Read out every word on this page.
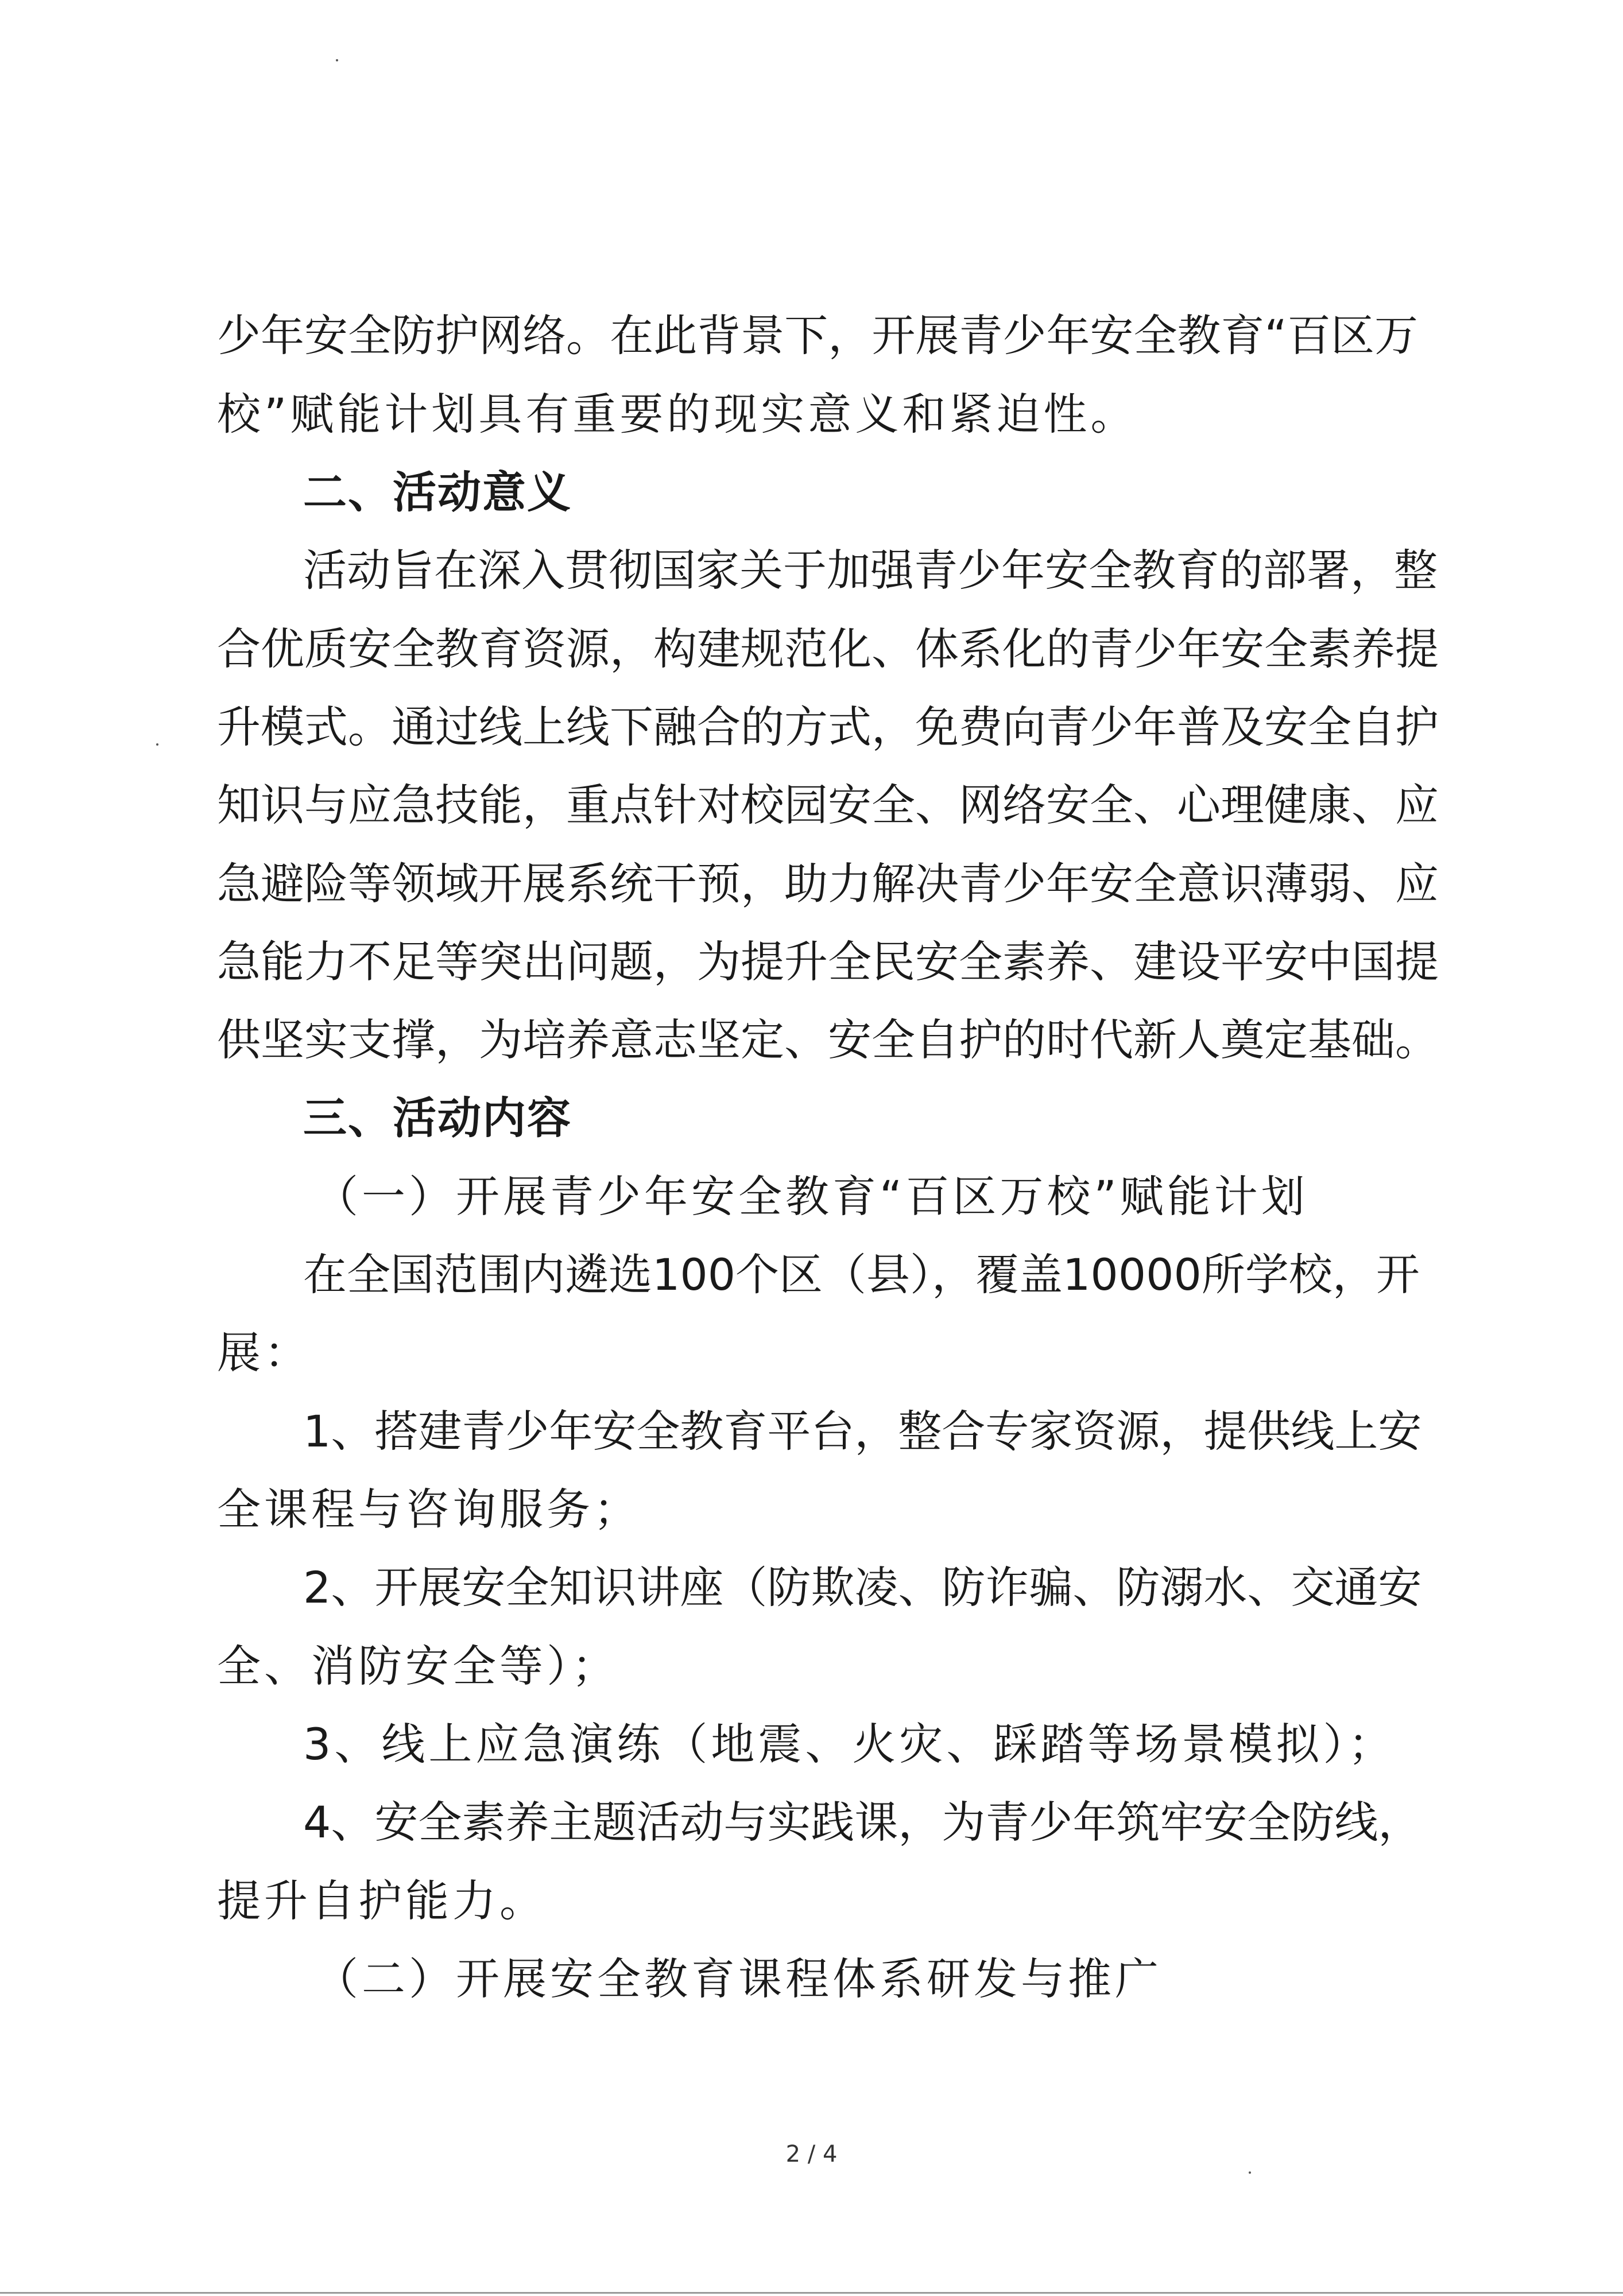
少年安全防护网络。在此背景下，开展青少年安全教育“百区万
校”赋能计划具有重要的现实意义和紧迫性。
二、活动意义
活动旨在深入贯彻国家关于加强青少年安全教育的部署，整
合优质安全教育资源，构建规范化、体系化的青少年安全素养提
升模式。通过线上线下融合的方式，免费向青少年普及安全自护
知识与应急技能，重点针对校园安全、网络安全、心理健康、应
急避险等领域开展系统干预，助力解决青少年安全意识薄弱、应
急能力不足等突出问题，为提升全民安全素养、建设平安中国提
供坚实支撑，为培养意志坚定、安全自护的时代新人奠定基础。
三、活动内容
（一）开展青少年安全教育“百区万校”赋能计划
在全国范围内遴选100个区（县），覆盖10000所学校，开
展：
1、搭建青少年安全教育平台，整合专家资源，提供线上安
全课程与咨询服务；
2、开展安全知识讲座（防欺凌、防诈骗、防溺水、交通安
全、消防安全等）；
3、线上应急演练（地震、火灾、踩踏等场景模拟）；
4、安全素养主题活动与实践课，为青少年筑牢安全防线，
提升自护能力。
（二）开展安全教育课程体系研发与推广
2 / 4
